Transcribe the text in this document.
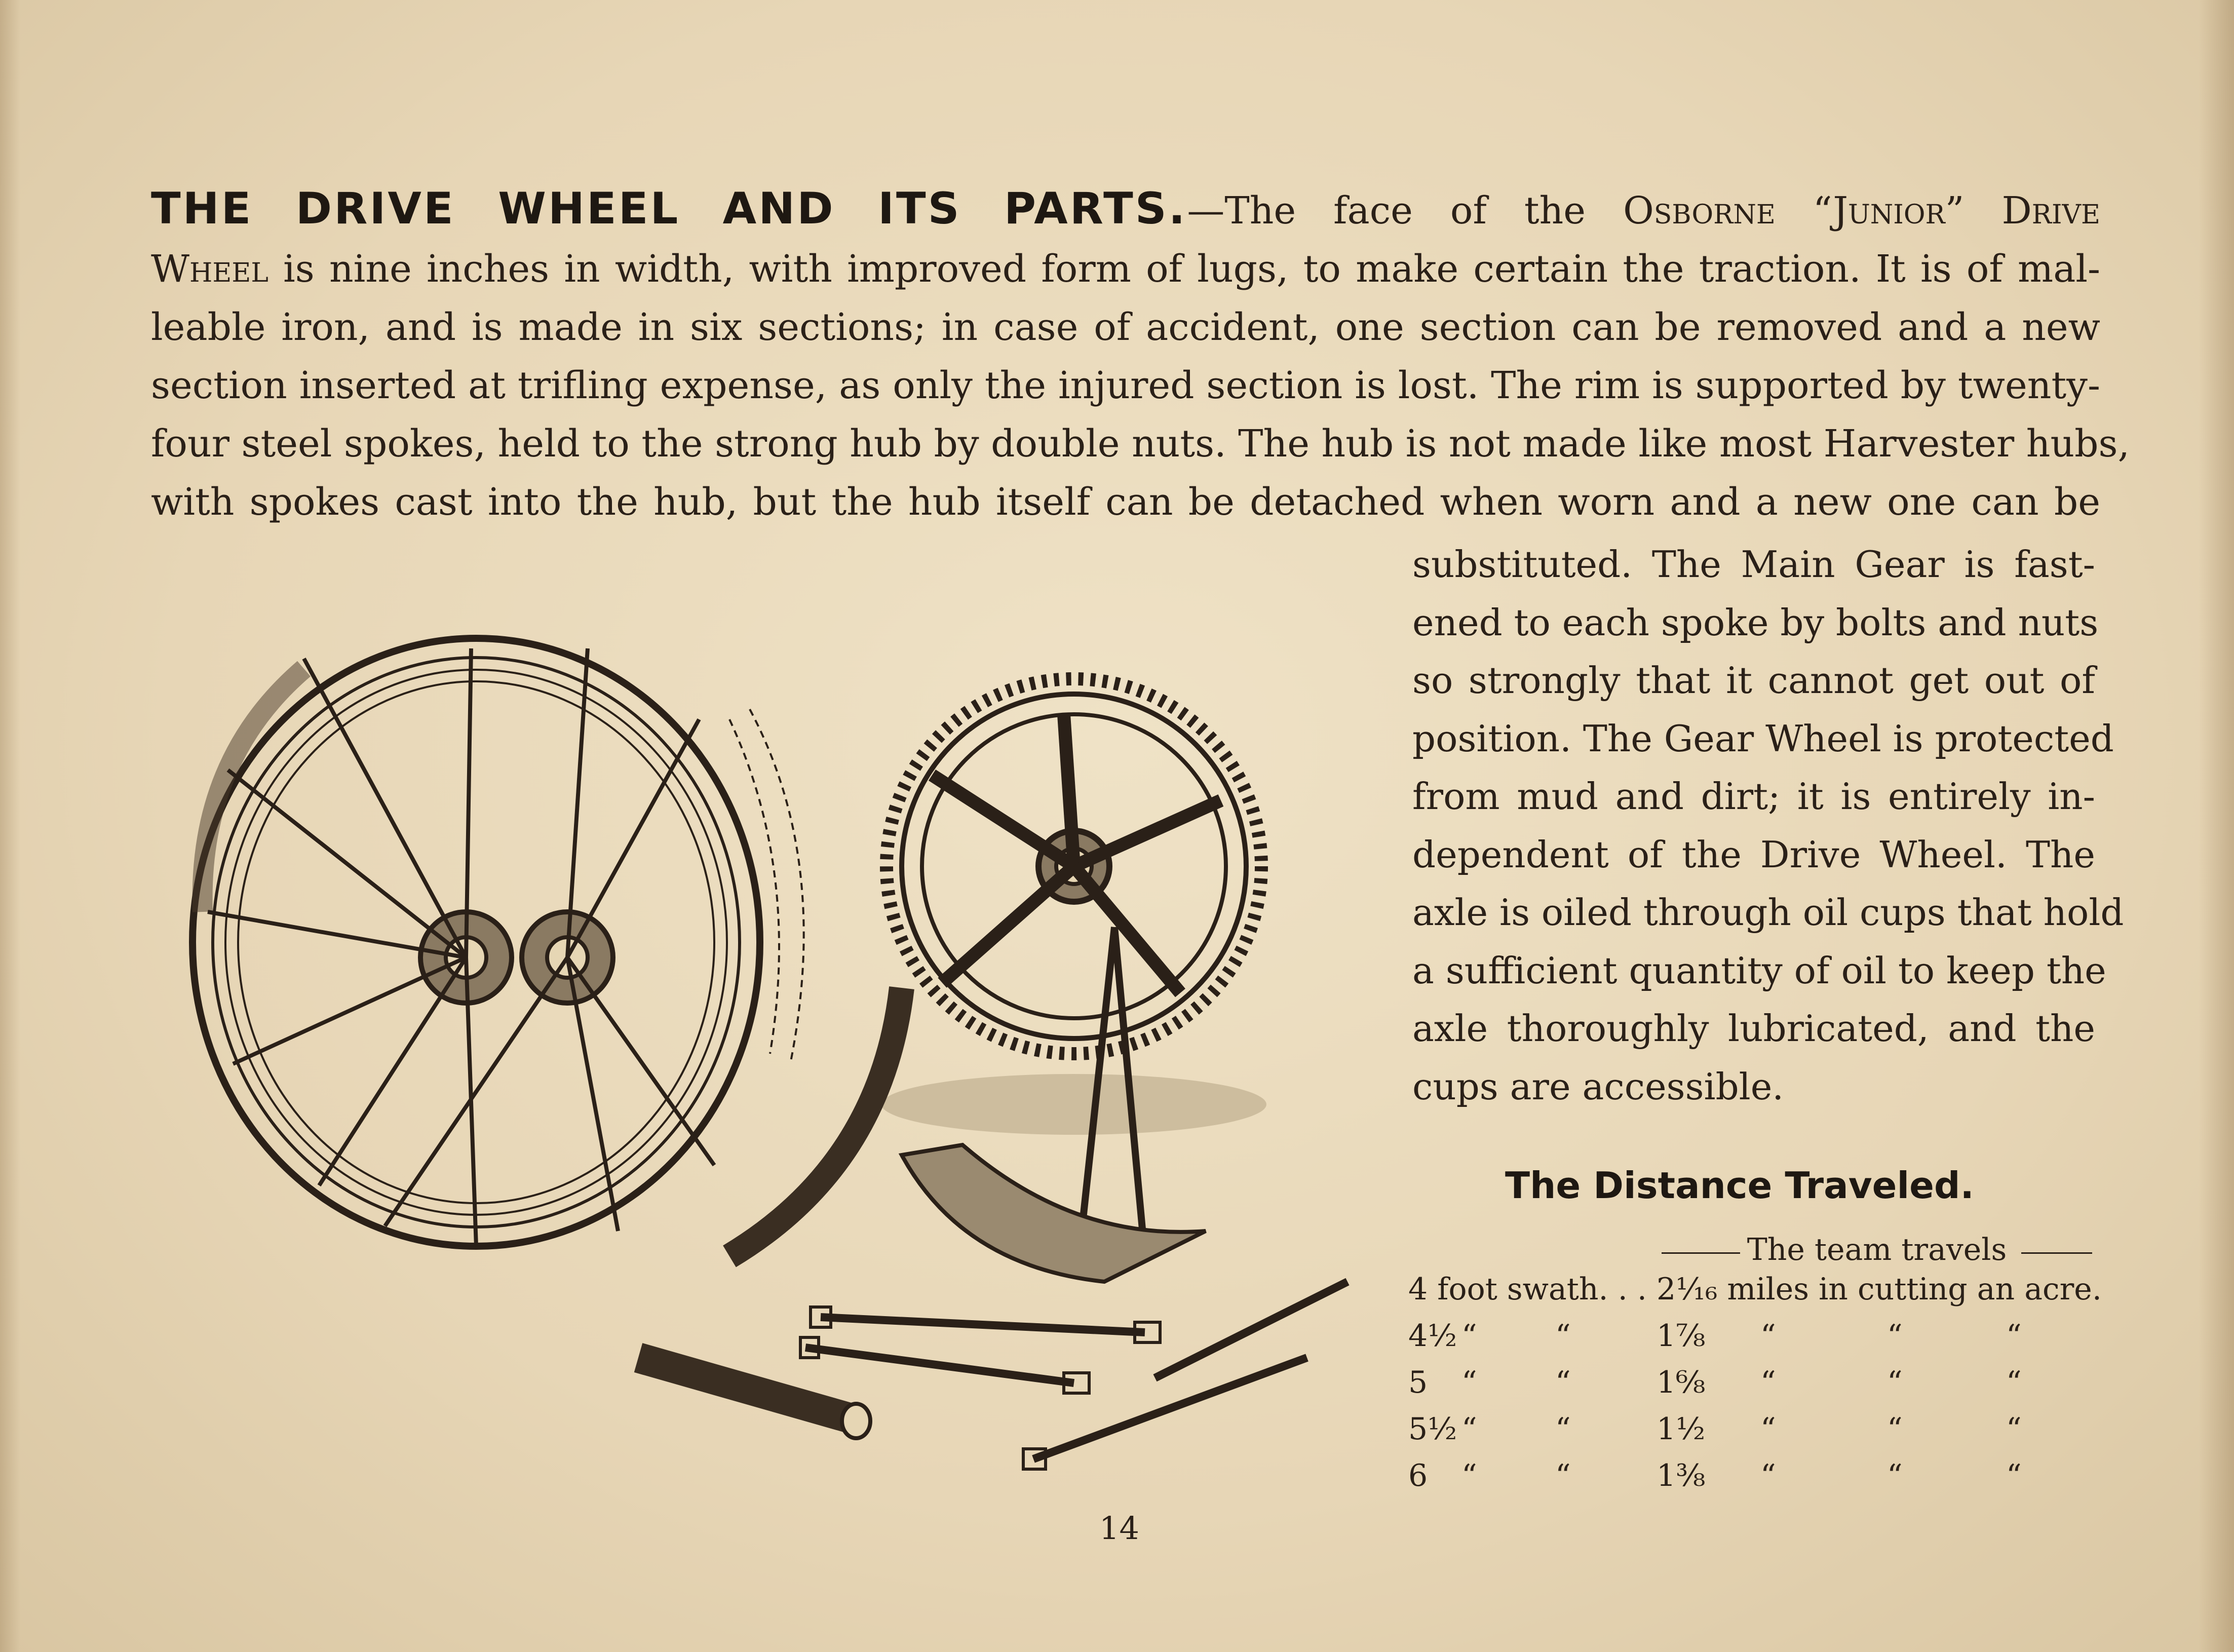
THE DRIVE WHEEL AND ITS PARTS.—The face of the Osborne “Junior” Drive
Wheel is nine inches in width, with improved form of lugs, to make certain the traction. It is of mal-
leable iron, and is made in six sections; in case of accident, one section can be removed and a new
section inserted at trifling expense, as only the injured section is lost. The rim is supported by twenty-
four steel spokes, held to the strong hub by double nuts. The hub is not made like most Harvester hubs,
with spokes cast into the hub, but the hub itself can be detached when worn and a new one can be
substituted. The Main Gear is fast-
ened to each spoke by bolts and nuts
so strongly that it cannot get out of
position. The Gear Wheel is protected
from mud and dirt; it is entirely in-
dependent of the Drive Wheel. The
axle is oiled through oil cups that hold
a sufficient quantity of oil to keep the
axle thoroughly lubricated, and the
cups are accessible.
The Distance Traveled.
The team travels
4 foot swath. . . 2¹⁄₁₆ miles in cutting an acre.
4½ “	“	1⁷⁄₈ “	“	“
5 “	“	1⁶⁄₈ “	“	“
5½ “	“	1½ “	“	“
6 “	“	1³⁄₈ “	“	“
14
